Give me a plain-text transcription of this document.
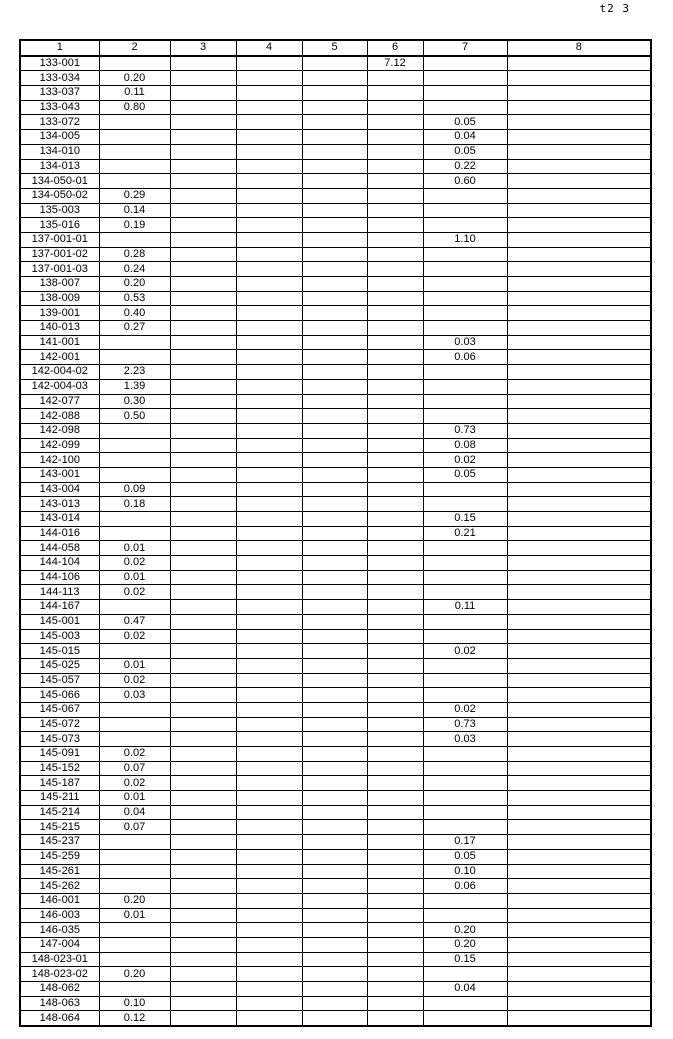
t2 3
1	2	3	4	5	6	7	8
133-001					7.12		
133-034	0.20						
133-037	0.11						
133-043	0.80						
133-072						0.05	
134-005						0.04	
134-010						0.05	
134-013						0.22	
134-050-01						0.60	
134-050-02	0.29						
135-003	0.14						
135-016	0.19						
137-001-01						1.10	
137-001-02	0.28						
137-001-03	0.24						
138-007	0.20						
138-009	0.53						
139-001	0.40						
140-013	0.27						
141-001						0.03	
142-001						0.06	
142-004-02	2.23						
142-004-03	1.39						
142-077	0.30						
142-088	0.50						
142-098						0.73	
142-099						0.08	
142-100						0.02	
143-001						0.05	
143-004	0.09						
143-013	0.18						
143-014						0.15	
144-016						0.21	
144-058	0.01						
144-104	0.02						
144-106	0.01						
144-113	0.02						
144-167						0.11	
145-001	0.47						
145-003	0.02						
145-015						0.02	
145-025	0.01						
145-057	0.02						
145-066	0.03						
145-067						0.02	
145-072						0.73	
145-073						0.03	
145-091	0.02						
145-152	0.07						
145-187	0.02						
145-211	0.01						
145-214	0.04						
145-215	0.07						
145-237						0.17	
145-259						0.05	
145-261						0.10	
145-262						0.06	
146-001	0.20						
146-003	0.01						
146-035						0.20	
147-004						0.20	
148-023-01						0.15	
148-023-02	0.20						
148-062						0.04	
148-063	0.10						
148-064	0.12						
